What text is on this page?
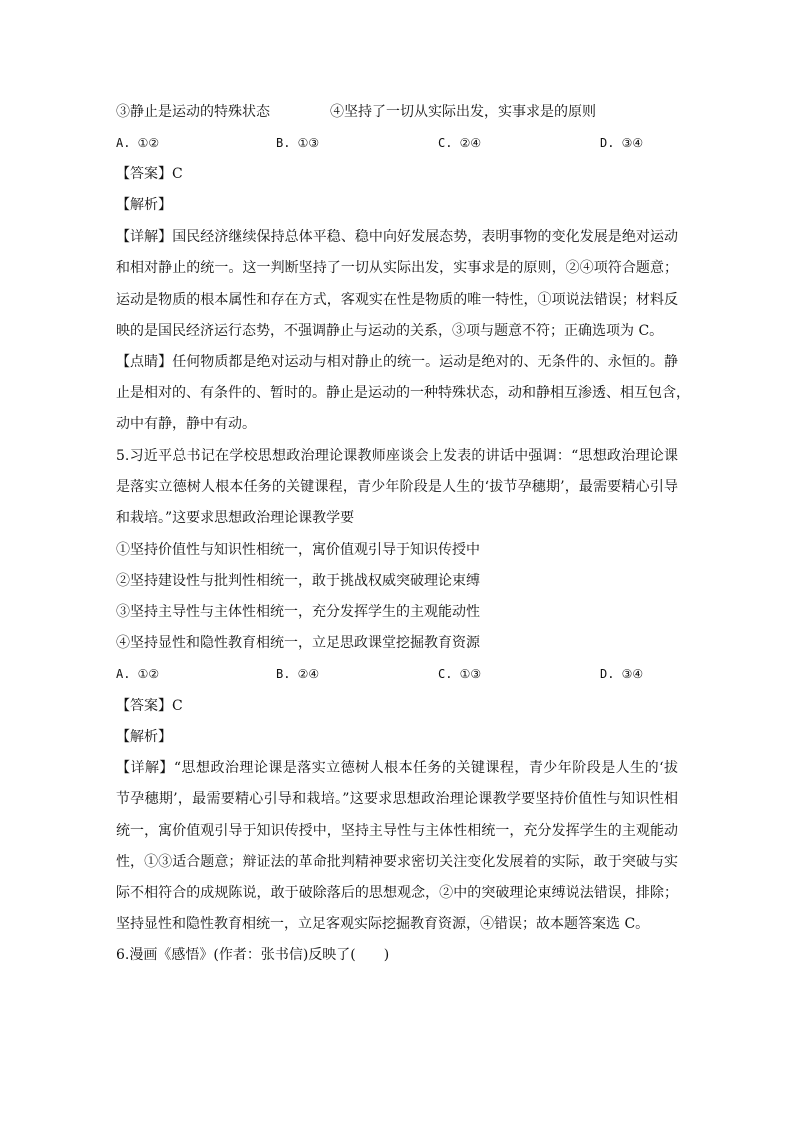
③静止是运动的特殊状态	④坚持了一切从实际出发，实事求是的原则
A. ①②	B. ①③	C. ②④	D. ③④
【答案】C
【解析】
【详解】国民经济继续保持总体平稳、稳中向好发展态势，表明事物的变化发展是绝对运动
和相对静止的统一。这一判断坚持了一切从实际出发，实事求是的原则，②④项符合题意；
运动是物质的根本属性和存在方式，客观实在性是物质的唯一特性，①项说法错误；材料反
映的是国民经济运行态势，不强调静止与运动的关系，③项与题意不符；正确选项为 C。
【点睛】任何物质都是绝对运动与相对静止的统一。运动是绝对的、无条件的、永恒的。静
止是相对的、有条件的、暂时的。静止是运动的一种特殊状态，动和静相互渗透、相互包含，
动中有静，静中有动。
5.习近平总书记在学校思想政治理论课教师座谈会上发表的讲话中强调：“思想政治理论课
是落实立德树人根本任务的关键课程，青少年阶段是人生的‘拔节孕穗期’，最需要精心引导
和栽培。”这要求思想政治理论课教学要
①坚持价值性与知识性相统一，寓价值观引导于知识传授中
②坚持建设性与批判性相统一，敢于挑战权威突破理论束缚
③坚持主导性与主体性相统一，充分发挥学生的主观能动性
④坚持显性和隐性教育相统一，立足思政课堂挖掘教育资源
A. ①②	B. ②④	C. ①③	D. ③④
【答案】C
【解析】
【详解】“思想政治理论课是落实立德树人根本任务的关键课程，青少年阶段是人生的‘拔
节孕穗期’，最需要精心引导和栽培。”这要求思想政治理论课教学要坚持价值性与知识性相
统一，寓价值观引导于知识传授中，坚持主导性与主体性相统一，充分发挥学生的主观能动
性，①③适合题意；辩证法的革命批判精神要求密切关注变化发展着的实际，敢于突破与实
际不相符合的成规陈说，敢于破除落后的思想观念，②中的突破理论束缚说法错误，排除；
坚持显性和隐性教育相统一，立足客观实际挖掘教育资源，④错误；故本题答案选 C。
6.漫画《感悟》(作者：张书信)反映了(　　)
